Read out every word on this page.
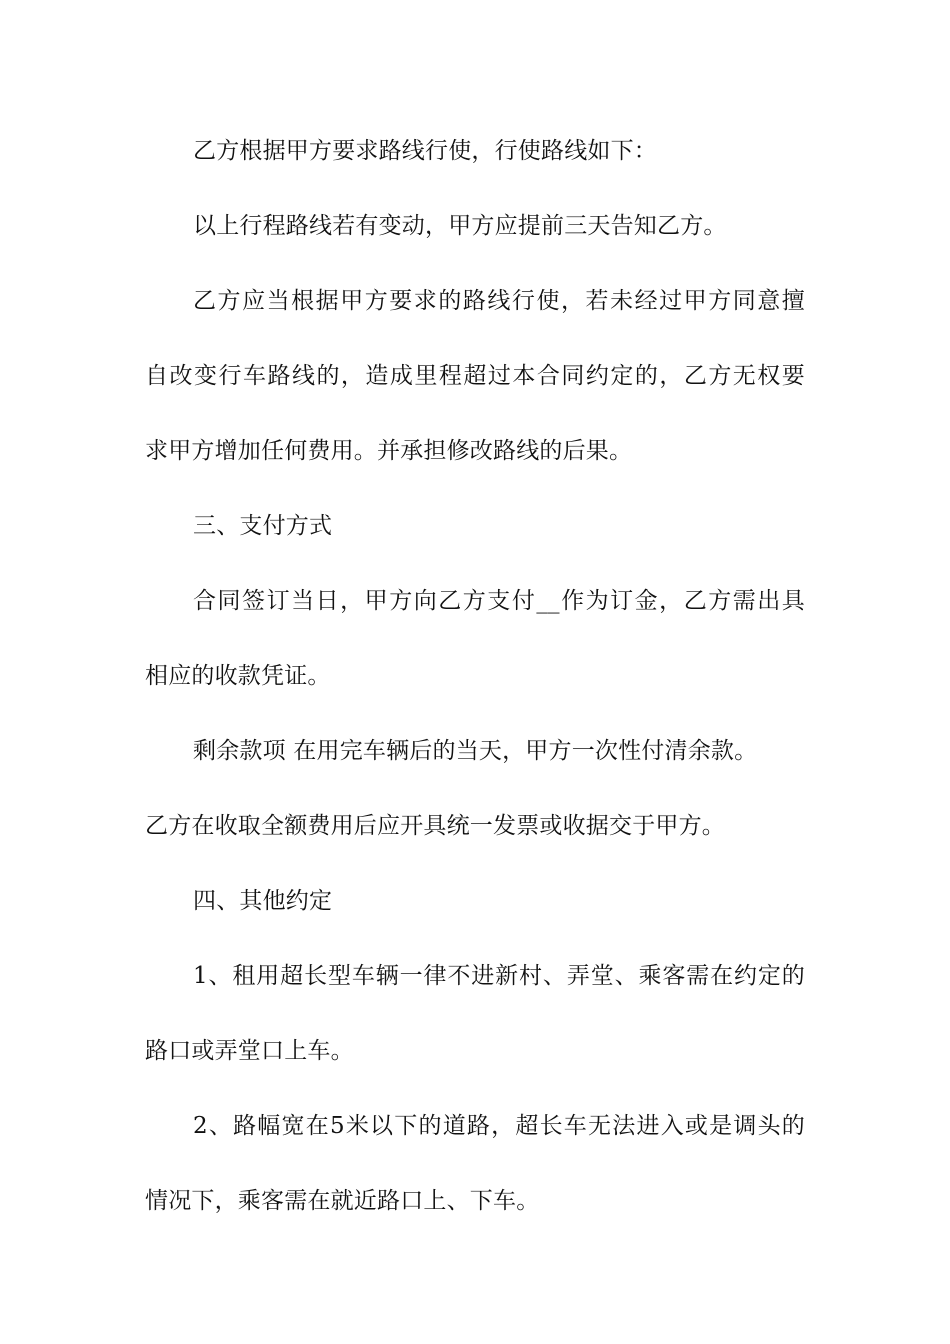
乙方根据甲方要求路线行使，行使路线如下：
以上行程路线若有变动，甲方应提前三天告知乙方。
乙方应当根据甲方要求的路线行使，若未经过甲方同意擅
自改变行车路线的，造成里程超过本合同约定的，乙方无权要
求甲方增加任何费用。并承担修改路线的后果。
三、支付方式
合同签订当日，甲方向乙方支付__作为订金，乙方需出具
相应的收款凭证。
剩余款项 在用完车辆后的当天，甲方一次性付清余款。
乙方在收取全额费用后应开具统一发票或收据交于甲方。
四、其他约定
1、租用超长型车辆一律不进新村、弄堂、乘客需在约定的
路口或弄堂口上车。
2、路幅宽在5米以下的道路，超长车无法进入或是调头的
情况下，乘客需在就近路口上、下车。
